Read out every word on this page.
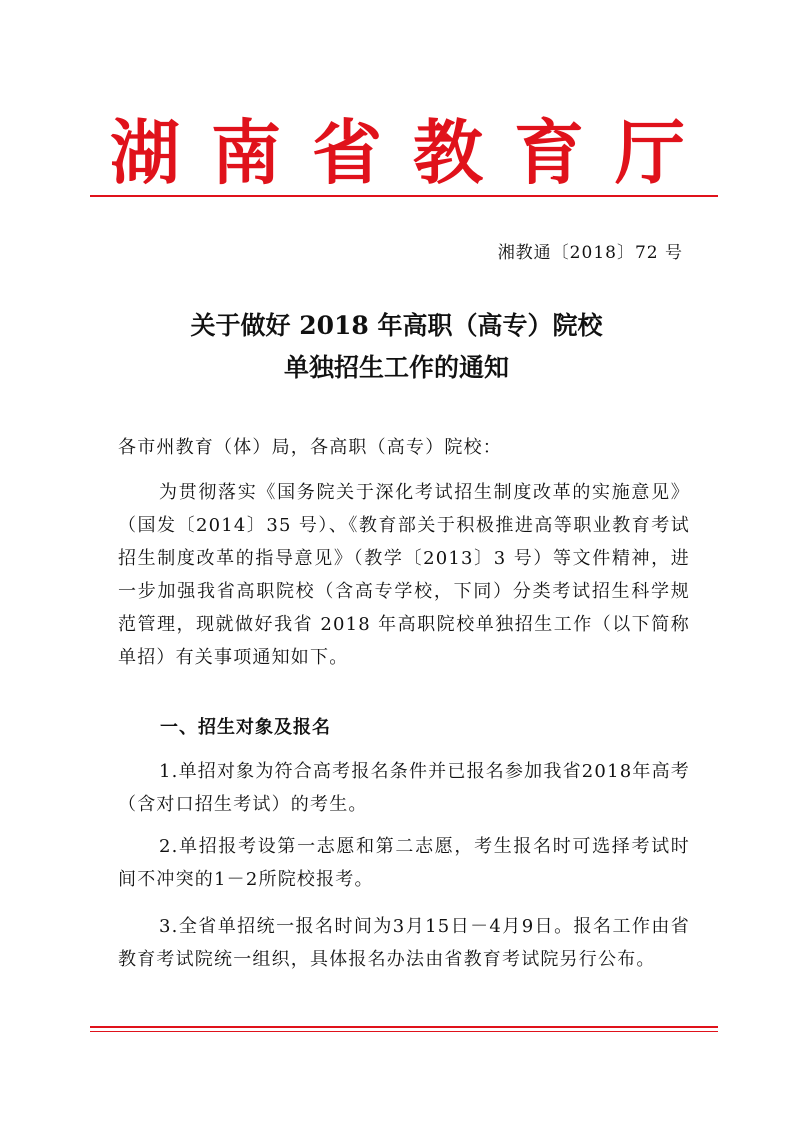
湖 南 省 教 育 厅
湘教通〔2018〕72 号
关于做好 2018 年高职（高专）院校
单独招生工作的通知
各市州教育（体）局，各高职（高专）院校：
为贯彻落实《国务院关于深化考试招生制度改革的实施意见》（国发〔2014〕35 号）、《教育部关于积极推进高等职业教育考试招生制度改革的指导意见》（教学〔2013〕3 号）等文件精神，进一步加强我省高职院校（含高专学校，下同）分类考试招生科学规范管理，现就做好我省 2018 年高职院校单独招生工作（以下简称单招）有关事项通知如下。
一、招生对象及报名
1.单招对象为符合高考报名条件并已报名参加我省2018年高考（含对口招生考试）的考生。
2.单招报考设第一志愿和第二志愿，考生报名时可选择考试时间不冲突的1－2所院校报考。
3.全省单招统一报名时间为3月15日－4月9日。报名工作由省教育考试院统一组织，具体报名办法由省教育考试院另行公布。
